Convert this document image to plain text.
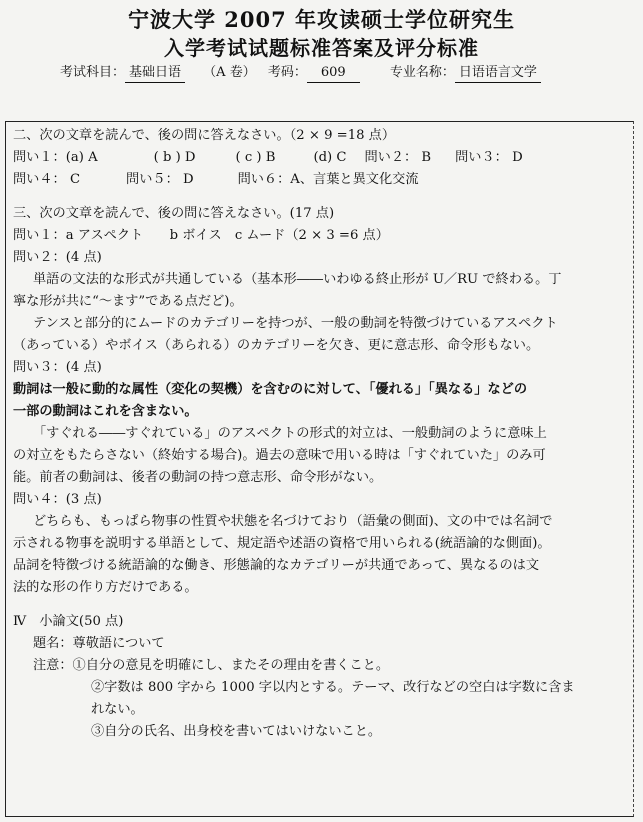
宁波大学 2007 年攻读硕士学位研究生
入学考试试题标准答案及评分标准
考试科目： 基础日语 （A 卷） 考码： 609	专业名称： 日语语言文学
二、次の文章を読んで、後の問に答えなさい。（2 × 9 =18 点）
問い１：(a) A	( b ) D	( c ) B	(d) C 問い２： B 問い３： D
問い４： C	問い５： D	問い６：A、言葉と異文化交流
三、次の文章を読んで、後の問に答えなさい。(17 点)
問い１：a アスペクト　　b ボイス　c ムード（2 × 3 =6 点）
問い２：(4 点)
単語の文法的な形式が共通している（基本形――いわゆる終止形が U／RU で終わる。丁
寧な形が共に“～ます”である点だど)。
テンスと部分的にムードのカテゴリーを持つが、一般の動詞を特徴づけているアスペクト
（あっている）やボイス（あられる）のカテゴリーを欠き、更に意志形、命令形もない。
問い３：(4 点)
動詞は一般に動的な属性（変化の契機）を含むのに対して、「優れる」「異なる」などの
一部の動詞はこれを含まない。
「すぐれる――すぐれている」のアスペクトの形式的対立は、一般動詞のように意味上
の対立をもたらさない（終始する場合)。過去の意味で用いる時は「すぐれていた」のみ可
能。前者の動詞は、後者の動詞の持つ意志形、命令形がない。
問い４：(3 点)
どちらも、もっぱら物事の性質や状態を名づけており（語彙の側面)、文の中では名詞で
示される物事を説明する単語として、規定語や述語の資格で用いられる(統語論的な側面)。
品詞を特徴づける統語論的な働き、形態論的なカテゴリーが共通であって、異なるのは文
法的な形の作り方だけである。
Ⅳ　小論文(50 点)
題名：尊敬語について
注意：①自分の意見を明確にし、またその理由を書くこと。
②字数は 800 字から 1000 字以内とする。テーマ、改行などの空白は字数に含ま
れない。
③自分の氏名、出身校を書いてはいけないこと。
